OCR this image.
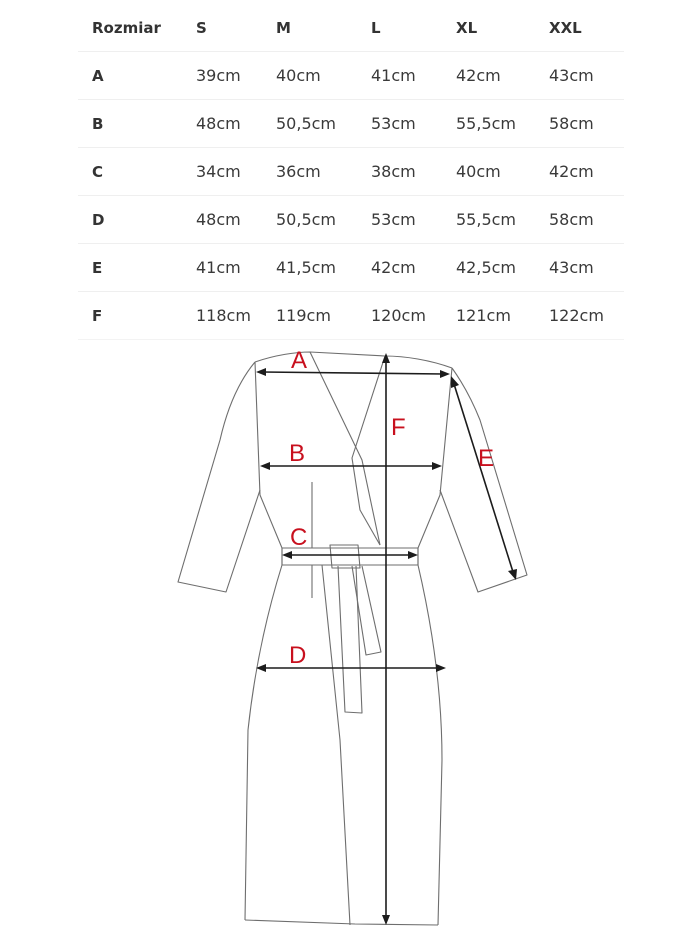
Rozmiar	S	M	L	XL	XXL
A	39cm	40cm	41cm	42cm	43cm
B	48cm	50,5cm	53cm	55,5cm	58cm
C	34cm	36cm	38cm	40cm	42cm
D	48cm	50,5cm	53cm	55,5cm	58cm
E	41cm	41,5cm	42cm	42,5cm	43cm
F	118cm	119cm	120cm	121cm	122cm
A
B
C
D
E
F
